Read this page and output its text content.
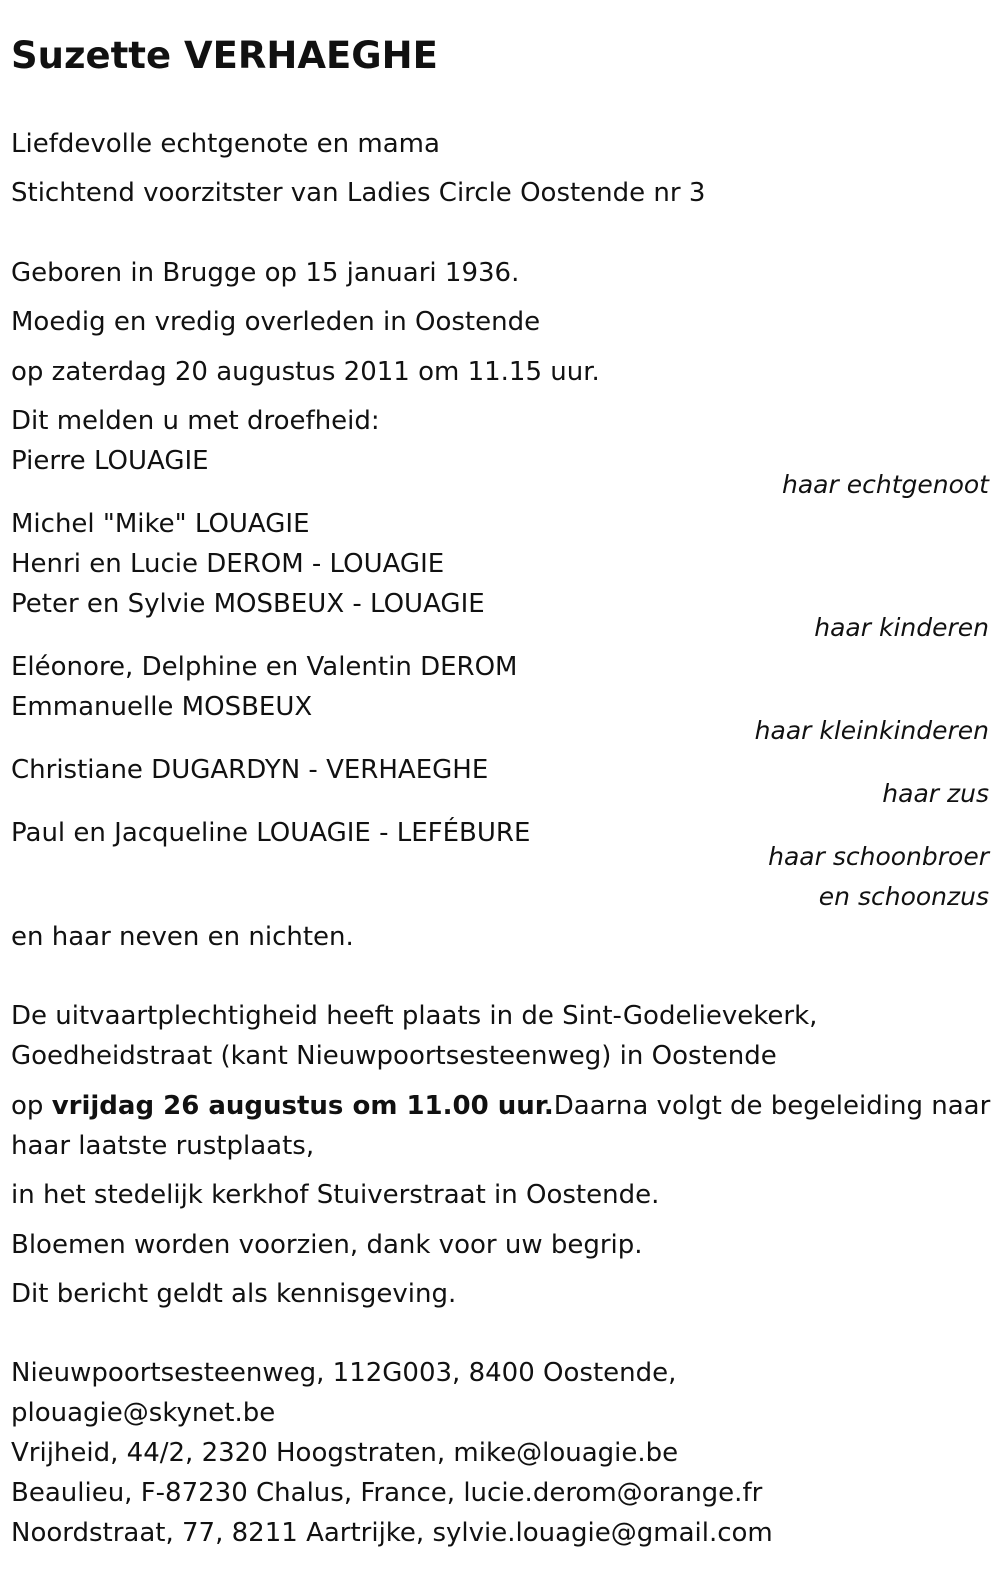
Suzette VERHAEGHE
Liefdevolle echtgenote en mama
Stichtend voorzitster van Ladies Circle Oostende nr 3
Geboren in Brugge op 15 januari 1936.
Moedig en vredig overleden in Oostende
op zaterdag 20 augustus 2011 om 11.15 uur.
Dit melden u met droefheid:
Pierre LOUAGIE
haar echtgenoot
Michel "Mike" LOUAGIE
Henri en Lucie DEROM - LOUAGIE
Peter en Sylvie MOSBEUX - LOUAGIE
haar kinderen
Eléonore, Delphine en Valentin DEROM
Emmanuelle MOSBEUX
haar kleinkinderen
Christiane DUGARDYN - VERHAEGHE
haar zus
Paul en Jacqueline LOUAGIE - LEFÉBURE
haar schoonbroer
en schoonzus
en haar neven en nichten.
De uitvaartplechtigheid heeft plaats in de Sint-Godelievekerk,
Goedheidstraat (kant Nieuwpoortsesteenweg) in Oostende
op vrijdag 26 augustus om 11.00 uur.Daarna volgt de begeleiding naar
haar laatste rustplaats,
in het stedelijk kerkhof Stuiverstraat in Oostende.
Bloemen worden voorzien, dank voor uw begrip.
Dit bericht geldt als kennisgeving.
Nieuwpoortsesteenweg, 112G003, 8400 Oostende,
plouagie@skynet.be
Vrijheid, 44/2, 2320 Hoogstraten, mike@louagie.be
Beaulieu, F-87230 Chalus, France, lucie.derom@orange.fr
Noordstraat, 77, 8211 Aartrijke, sylvie.louagie@gmail.com
